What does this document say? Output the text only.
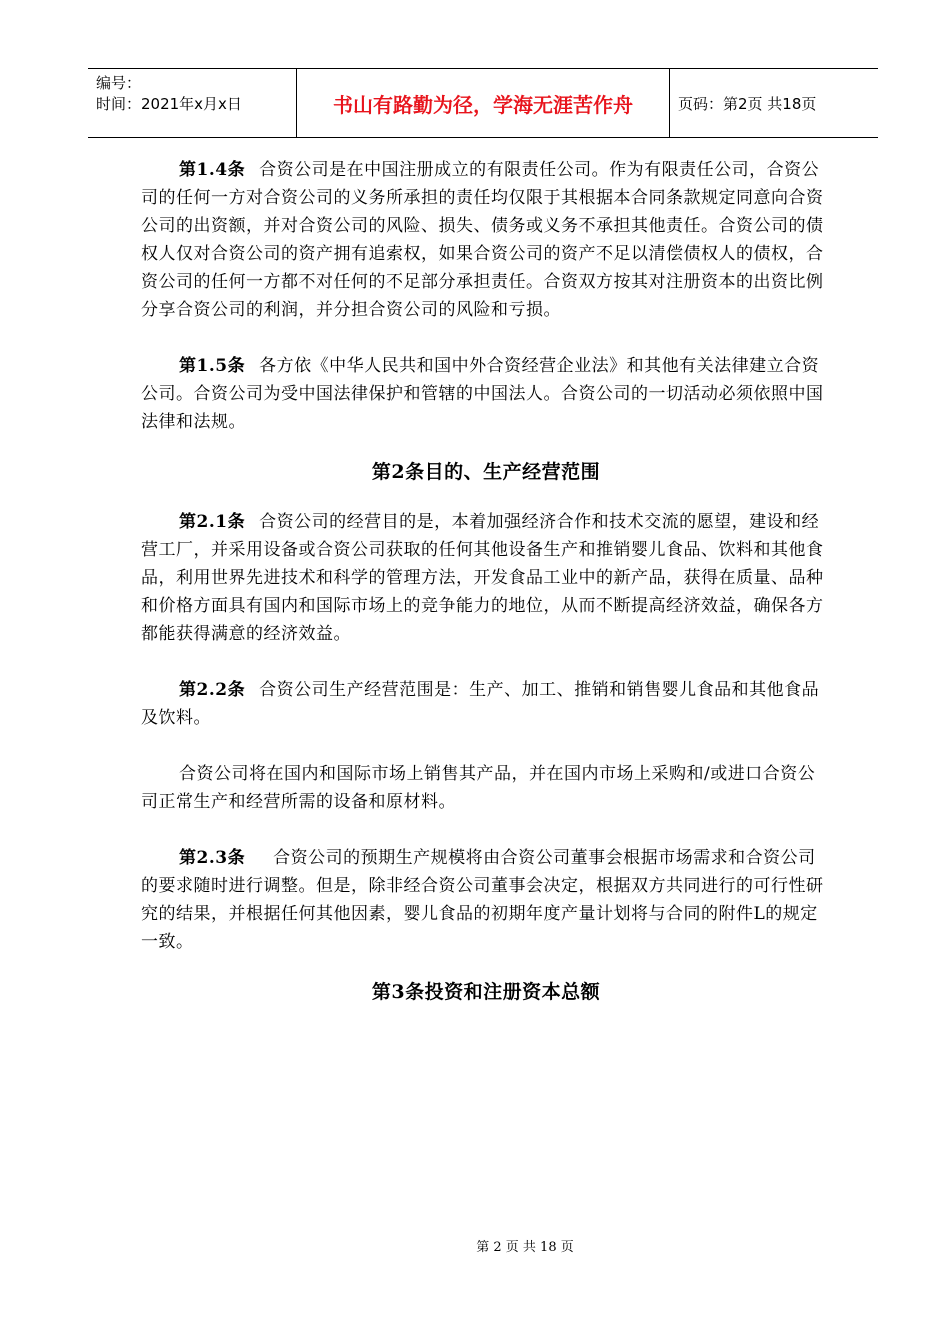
编号：
时间：2021年x月x日	书山有路勤为径，学海无涯苦作舟	页码：第2页 共18页

第1.4条 合资公司是在中国注册成立的有限责任公司。作为有限责任公司，合资公司的任何一方对合资公司的义务所承担的责任均仅限于其根据本合同条款规定同意向合资公司的出资额，并对合资公司的风险、损失、债务或义务不承担其他责任。合资公司的债权人仅对合资公司的资产拥有追索权，如果合资公司的资产不足以清偿债权人的债权，合资公司的任何一方都不对任何的不足部分承担责任。合资双方按其对注册资本的出资比例分享合资公司的利润，并分担合资公司的风险和亏损。

第1.5条 各方依《中华人民共和国中外合资经营企业法》和其他有关法律建立合资公司。合资公司为受中国法律保护和管辖的中国法人。合资公司的一切活动必须依照中国法律和法规。

第2条目的、生产经营范围

第2.1条 合资公司的经营目的是，本着加强经济合作和技术交流的愿望，建设和经营工厂，并采用设备或合资公司获取的任何其他设备生产和推销婴儿食品、饮料和其他食品，利用世界先进技术和科学的管理方法，开发食品工业中的新产品，获得在质量、品种和价格方面具有国内和国际市场上的竞争能力的地位，从而不断提高经济效益，确保各方都能获得满意的经济效益。

第2.2条 合资公司生产经营范围是：生产、加工、推销和销售婴儿食品和其他食品及饮料。

合资公司将在国内和国际市场上销售其产品，并在国内市场上采购和/或进口合资公司正常生产和经营所需的设备和原材料。

第2.3条 合资公司的预期生产规模将由合资公司董事会根据市场需求和合资公司的要求随时进行调整。但是，除非经合资公司董事会决定，根据双方共同进行的可行性研究的结果，并根据任何其他因素，婴儿食品的初期年度产量计划将与合同的附件L的规定一致。

第3条投资和注册资本总额

第 2 页 共 18 页
